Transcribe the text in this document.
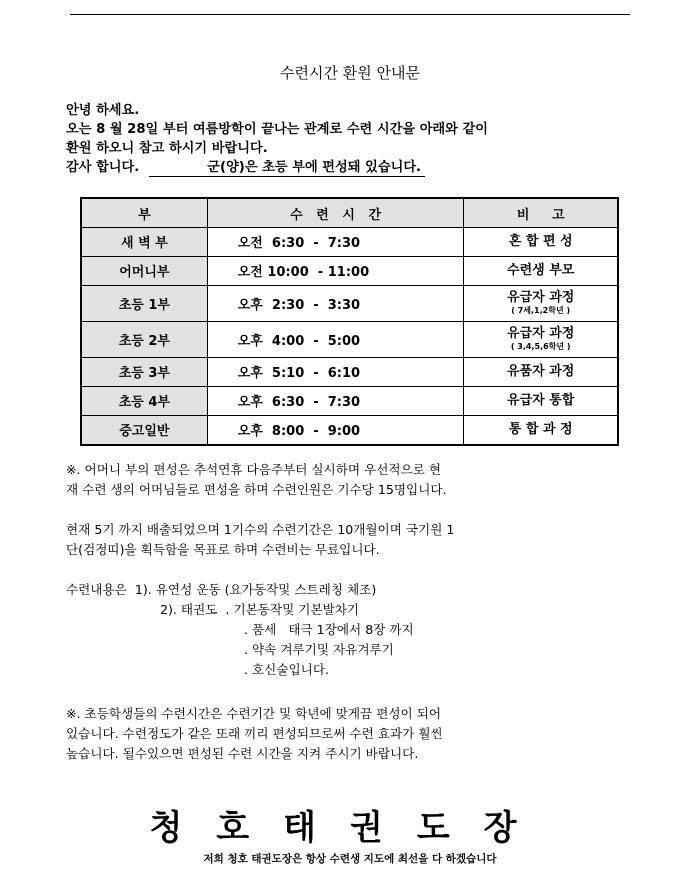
수련시간 환원 안내문
안녕 하세요.
오는 8 월 28일 부터 여름방학이 끝나는 관계로 수련 시간을 아래와 같이
환원 하오니 참고 하시기 바랍니다.
감사 합니다.	군(양)은 초등 부에 편성돼 있습니다.
부	수   련   시   간	비     고
새 벽 부	오전  6:30  -  7:30	혼 합 편 성

어머니부	오전 10:00  - 11:00	수련생 부모

초등 1부	오후  2:30  -  3:30	유급자 과정
( 7세,1,2학년 )

초등 2부	오후  4:00  -  5:00	유급자 과정
( 3,4,5,6학년 )

초등 3부	오후  5:10  -  6:10	유품자 과정

초등 4부	오후  6:30  -  7:30	유급자 통합

중고일반	오후  8:00  -  9:00	통 합 과 정
※. 어머니 부의 편성은 추석연휴 다음주부터 실시하며 우선적으로 현
재 수련 생의 어머님들로 편성을 하며 수련인원은 기수당 15명입니다.
현재 5기 까지 배출되었으며 1기수의 수련기간은 10개월이며 국기원 1
단(검정띠)을 획득함을 목표로 하며 수련비는 무료입니다.
수련내용은  1). 유연성 운동 (요가동작및 스트레칭 체조)
2). 태권도  . 기본동작및 기본발차기
. 품세   태극 1장에서 8장 까지
. 약속 겨루기및 자유겨루기
. 호신술입니다.
※. 초등학생들의 수련시간은 수련기간 및 학년에 맞게끔 편성이 되어
있습니다. 수련정도가 같은 또래 끼리 편성되므로써 수련 효과가 훨씬
높습니다. 될수있으면 편성된 수련 시간을 지켜 주시기 바랍니다.
청호태권도장
저희 청호 태권도장은 항상 수련생 지도에 최선을 다 하겠습니다
